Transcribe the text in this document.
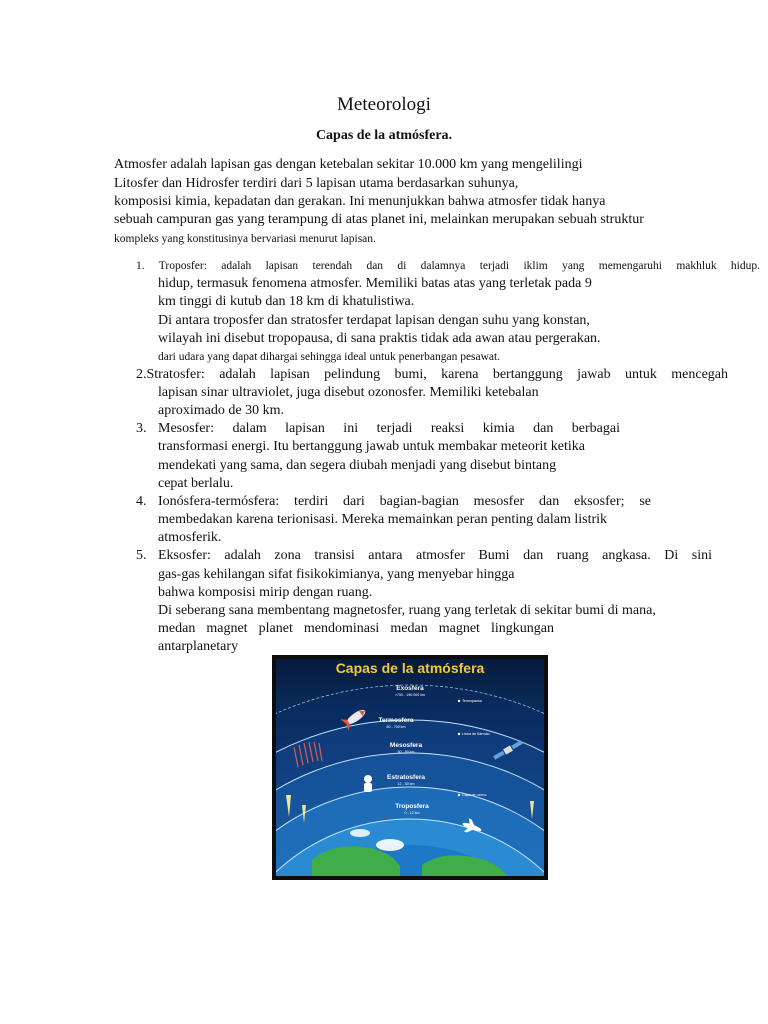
Meteorologi
Capas de la atmósfera.
Atmosfer adalah lapisan gas dengan ketebalan sekitar 10.000 km yang mengelilingi
Litosfer dan Hidrosfer terdiri dari 5 lapisan utama berdasarkan suhunya,
komposisi kimia, kepadatan dan gerakan. Ini menunjukkan bahwa atmosfer tidak hanya
sebuah campuran gas yang terampung di atas planet ini, melainkan merupakan sebuah struktur
kompleks yang konstitusinya bervariasi menurut lapisan.
1. Troposfer: adalah lapisan terendah dan di dalamnya terjadi iklim yang memengaruhi makhluk hidup.
hidup, termasuk fenomena atmosfer. Memiliki batas atas yang terletak pada 9
km tinggi di kutub dan 18 km di khatulistiwa.
Di antara troposfer dan stratosfer terdapat lapisan dengan suhu yang konstan,
wilayah ini disebut tropopausa, di sana praktis tidak ada awan atau pergerakan.
dari udara yang dapat dihargai sehingga ideal untuk penerbangan pesawat.
2.Stratosfer: adalah lapisan pelindung bumi, karena bertanggung jawab untuk mencegah
lapisan sinar ultraviolet, juga disebut ozonosfer. Memiliki ketebalan
aproximado de 30 km.
3. Mesosfer: dalam lapisan ini terjadi reaksi kimia dan berbagai
transformasi energi. Itu bertanggung jawab untuk membakar meteorit ketika
mendekati yang sama, dan segera diubah menjadi yang disebut bintang
cepat berlalu.
4. Ionósfera-termósfera: terdiri dari bagian-bagian mesosfer dan eksosfer; se
membedakan karena terionisasi. Mereka memainkan peran penting dalam listrik
atmosferik.
5. Eksosfer: adalah zona transisi antara atmosfer Bumi dan ruang angkasa. Di sini
gas-gas kehilangan sifat fisikokimianya, yang menyebar hingga
bahwa komposisi mirip dengan ruang.
Di seberang sana membentang magnetosfer, ruang yang terletak di sekitar bumi di mana,
medan magnet planet mendominasi medan magnet lingkungan
antarplanetary
Capas de la atmósfera
Exosfera
>700 - 190.000 km
Termosfera
80 - 700 km
Mesosfera
50 - 80 km
Estratosfera
12 - 50 km
Troposfera
0 - 12 km
Termopausa
Línea de Kármán
Capa de ozono
